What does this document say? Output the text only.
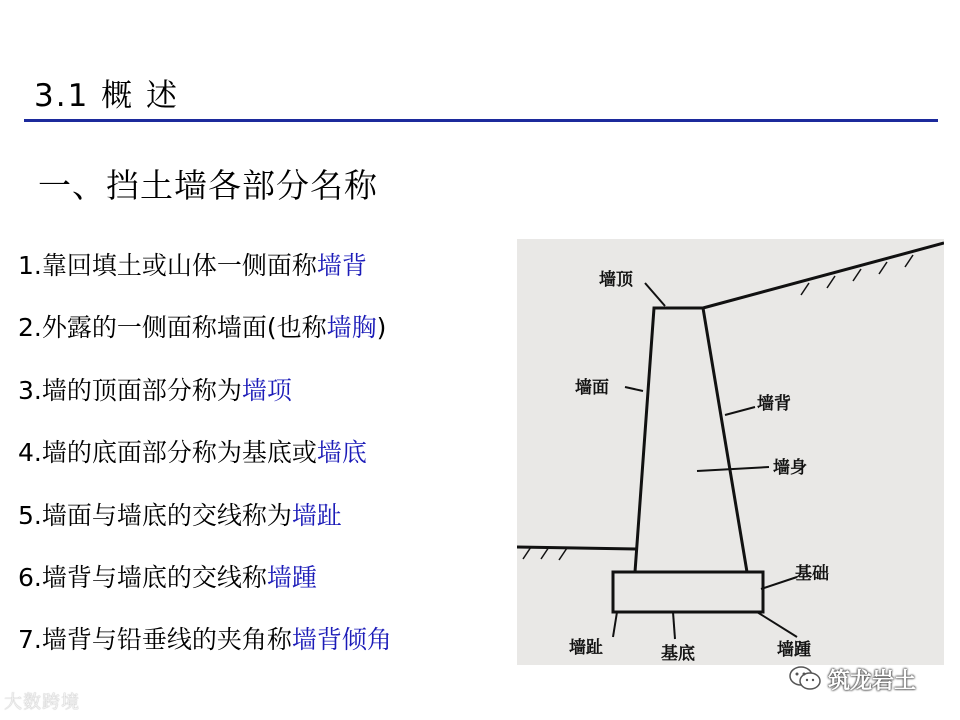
3.1 概 述
一、挡土墙各部分名称
1.靠回填土或山体一侧面称墙背
2.外露的一侧面称墙面(也称墙胸)
3.墙的顶面部分称为墙项
4.墙的底面部分称为基底或墙底
5.墙面与墙底的交线称为墙趾
6.墙背与墙底的交线称墙踵
7.墙背与铅垂线的夹角称墙背倾角
墙顶
墙面
墙背
墙身
基础
墙趾	基底	墙踵
大数跨境
筑龙岩土
